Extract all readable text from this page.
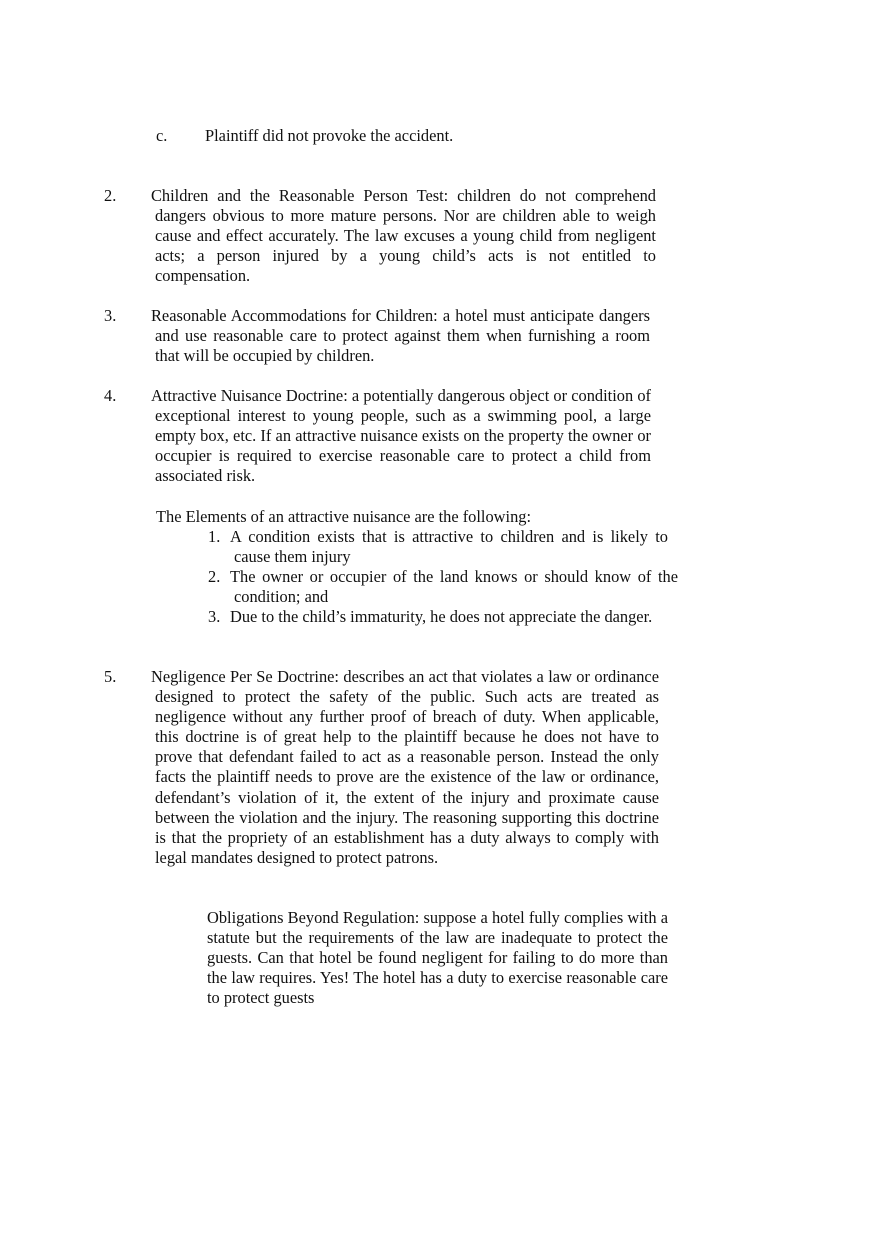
c. Plaintiff did not provoke the accident.
2. Children and the Reasonable Person Test: children do not comprehend dangers obvious to more mature persons. Nor are children able to weigh cause and effect accurately. The law excuses a young child from negligent acts; a person injured by a young child’s acts is not entitled to compensation.
3. Reasonable Accommodations for Children: a hotel must anticipate dangers and use reasonable care to protect against them when furnishing a room that will be occupied by children.
4. Attractive Nuisance Doctrine: a potentially dangerous object or condition of exceptional interest to young people, such as a swimming pool, a large empty box, etc. If an attractive nuisance exists on the property the owner or occupier is required to exercise reasonable care to protect a child from associated risk.
The Elements of an attractive nuisance are the following:
1. A condition exists that is attractive to children and is likely to cause them injury
2. The owner or occupier of the land knows or should know of the condition; and
3. Due to the child’s immaturity, he does not appreciate the danger.
5. Negligence Per Se Doctrine: describes an act that violates a law or ordinance designed to protect the safety of the public. Such acts are treated as negligence without any further proof of breach of duty. When applicable, this doctrine is of great help to the plaintiff because he does not have to prove that defendant failed to act as a reasonable person. Instead the only facts the plaintiff needs to prove are the existence of the law or ordinance, defendant’s violation of it, the extent of the injury and proximate cause between the violation and the injury. The reasoning supporting this doctrine is that the propriety of an establishment has a duty always to comply with legal mandates designed to protect patrons.
Obligations Beyond Regulation: suppose a hotel fully complies with a statute but the requirements of the law are inadequate to protect the guests. Can that hotel be found negligent for failing to do more than the law requires. Yes! The hotel has a duty to exercise reasonable care to protect guests
